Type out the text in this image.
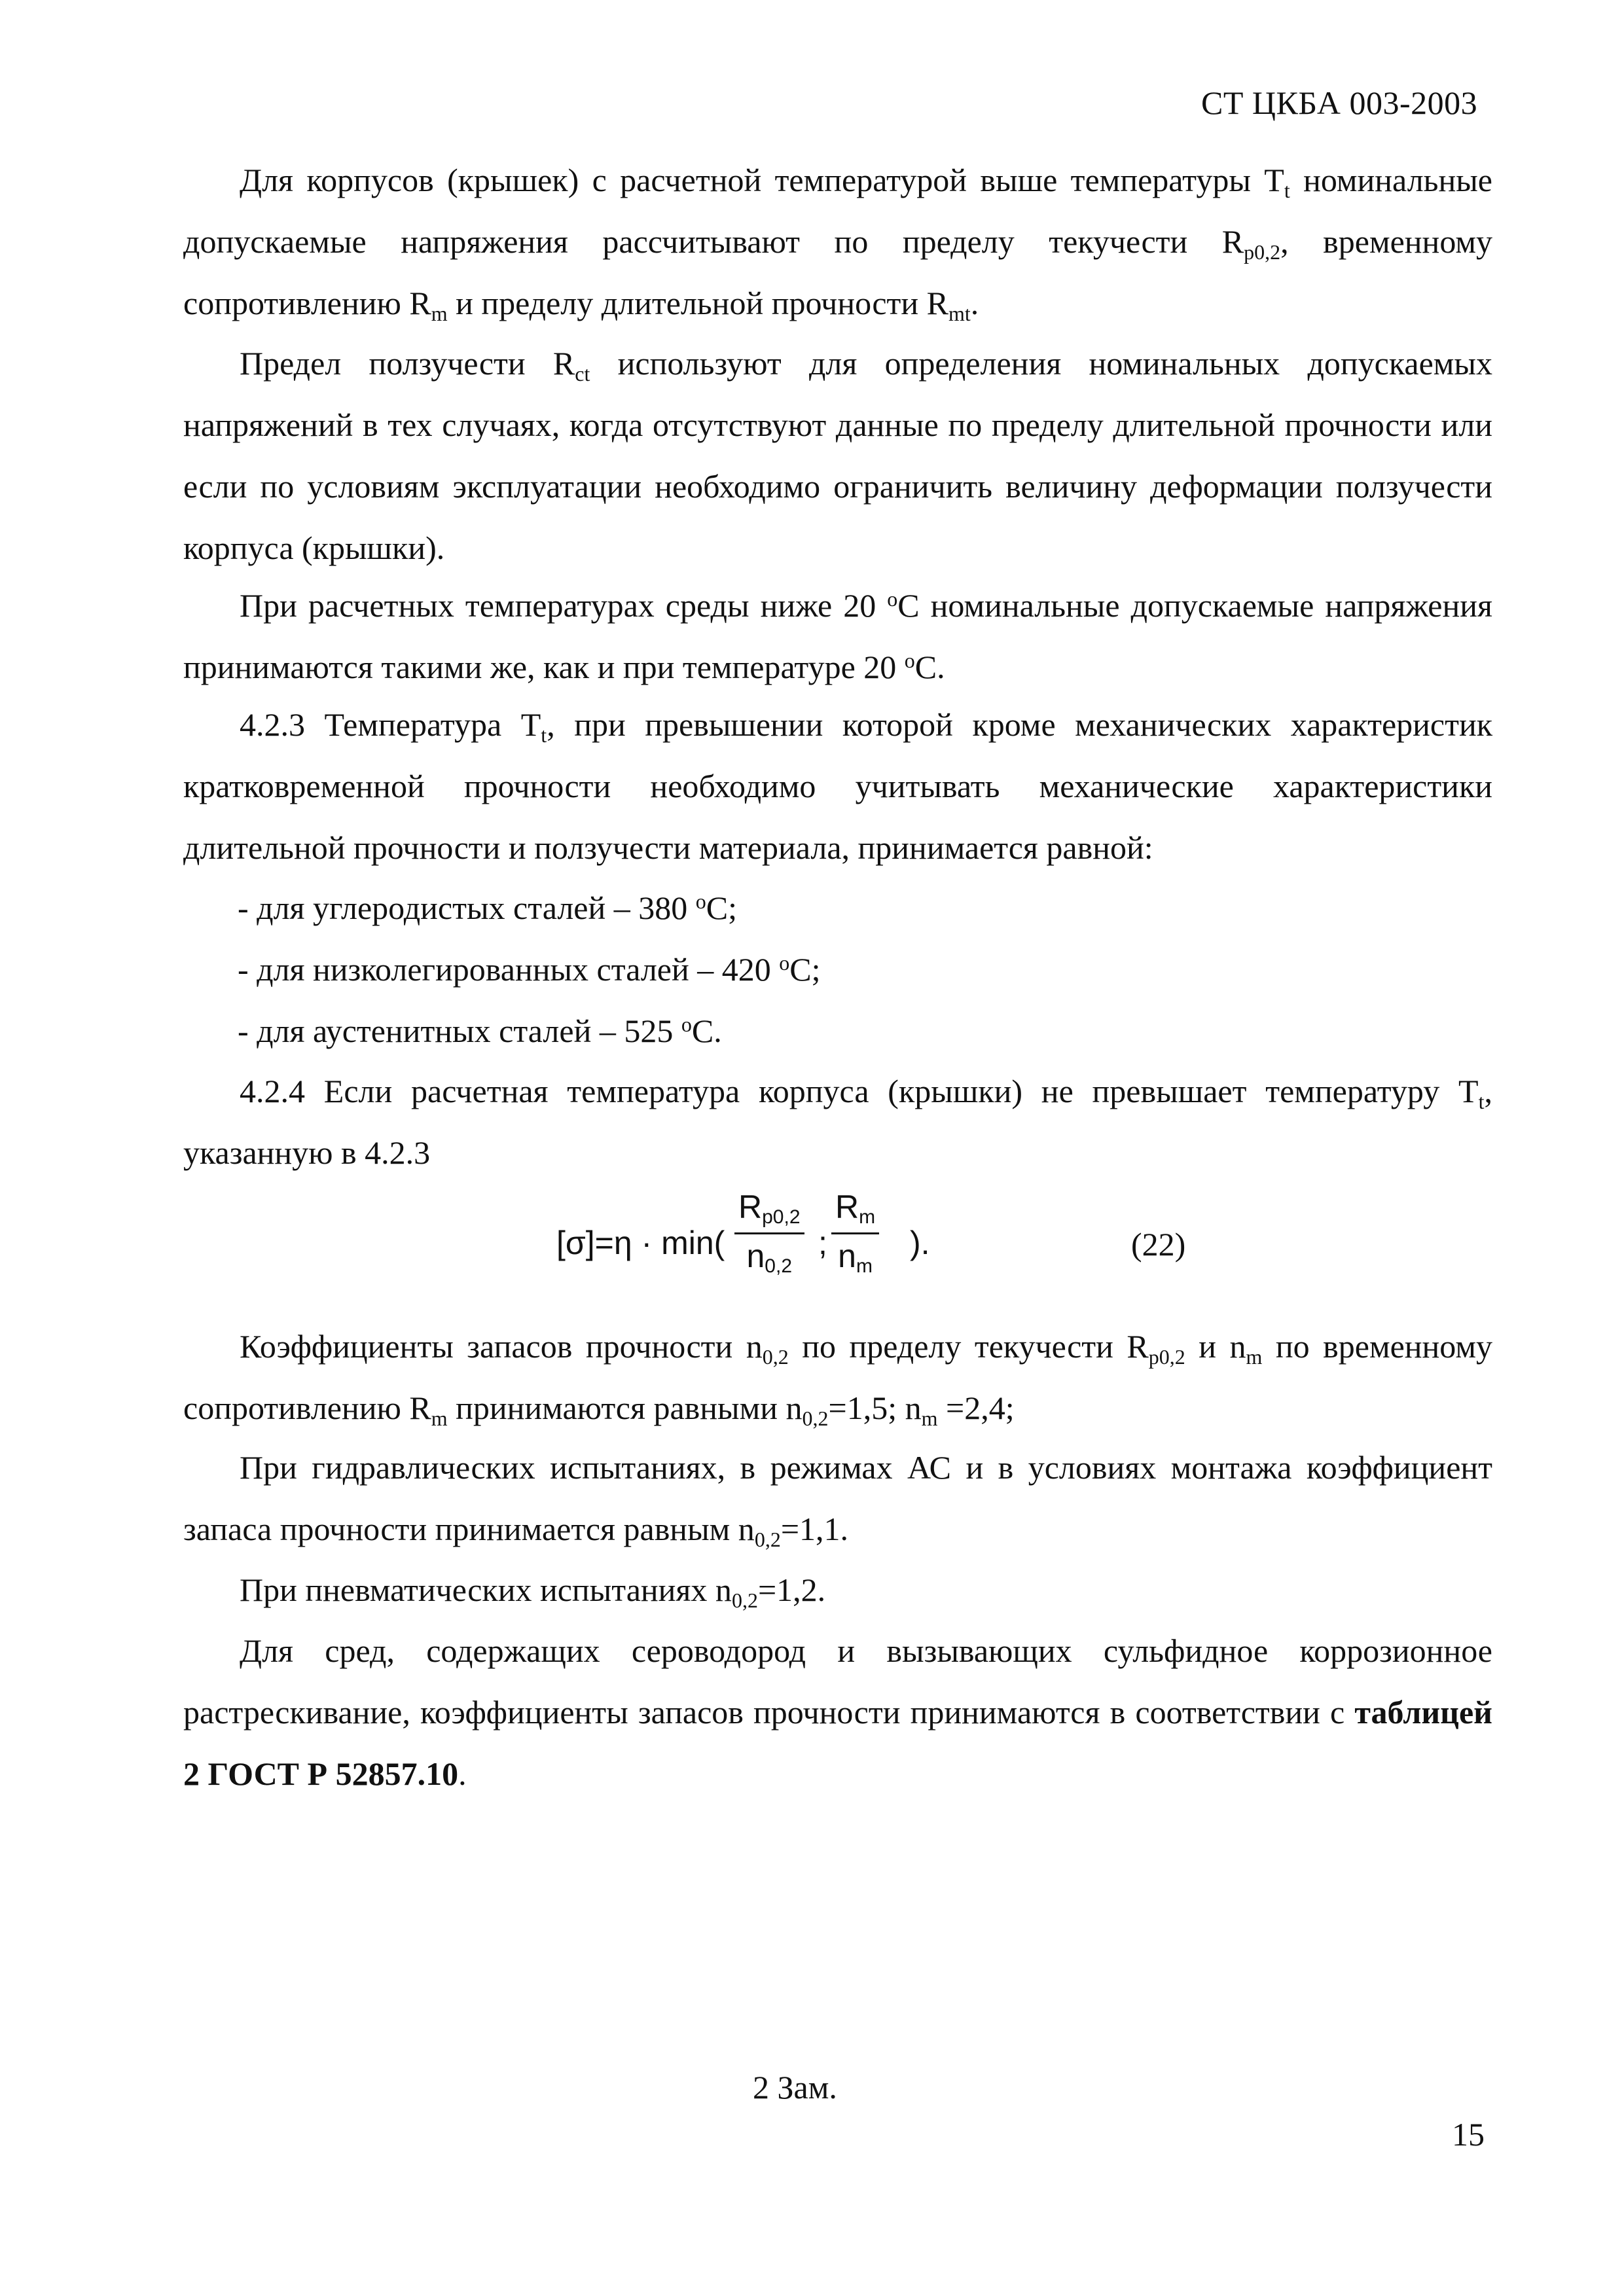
СТ ЦКБА 003-2003
Для корпусов (крышек) с расчетной температурой выше температуры $T_t$ номинальные допускаемые напряжения рассчитывают по пределу текучести $R_{p0,2}$, временному сопротивлению $R_m$ и пределу длительной прочности $R_{mt}$.
Предел ползучести $R_{ct}$ используют для определения номинальных допускаемых напряжений в тех случаях, когда отсутствуют данные по пределу длительной прочности или если по условиям эксплуатации необходимо ограничить величину деформации ползучести корпуса (крышки).
При расчетных температурах среды ниже 20 $^o$С номинальные допускаемые напряжения принимаются такими же, как и при температуре 20 $^o$С.
4.2.3 Температура $T_t$, при превышении которой кроме механических характеристик кратковременной прочности необходимо учитывать механические характеристики длительной прочности и ползучести материала, принимается равной:
- для углеродистых сталей – 380 $^o$С;
- для низколегированных сталей – 420 $^o$С;
- для аустенитных сталей – 525 $^o$С.
4.2.4 Если расчетная температура корпуса (крышки) не превышает температуру $T_t$, указанную в 4.2.3
[σ]=η · min(
$R_{p0,2}$
$n_{0,2}$
;
$R_m$
$n_m$
).	(22)
Коэффициенты запасов прочности $n_{0,2}$ по пределу текучести $R_{p0,2}$ и $n_m$ по временному сопротивлению $R_m$ принимаются равными $n_{0,2}=1,5$; $n_m =2,4$;
При гидравлических испытаниях, в режимах АС и в условиях монтажа коэффициент запаса прочности принимается равным $n_{0,2}=1,1$.
При пневматических испытаниях $n_{0,2}=1,2$.
Для сред, содержащих сероводород и вызывающих сульфидное коррозионное растрескивание, коэффициенты запасов прочности принимаются в соответствии с таблицей 2 ГОСТ Р 52857.10.
2 Зам.
15
